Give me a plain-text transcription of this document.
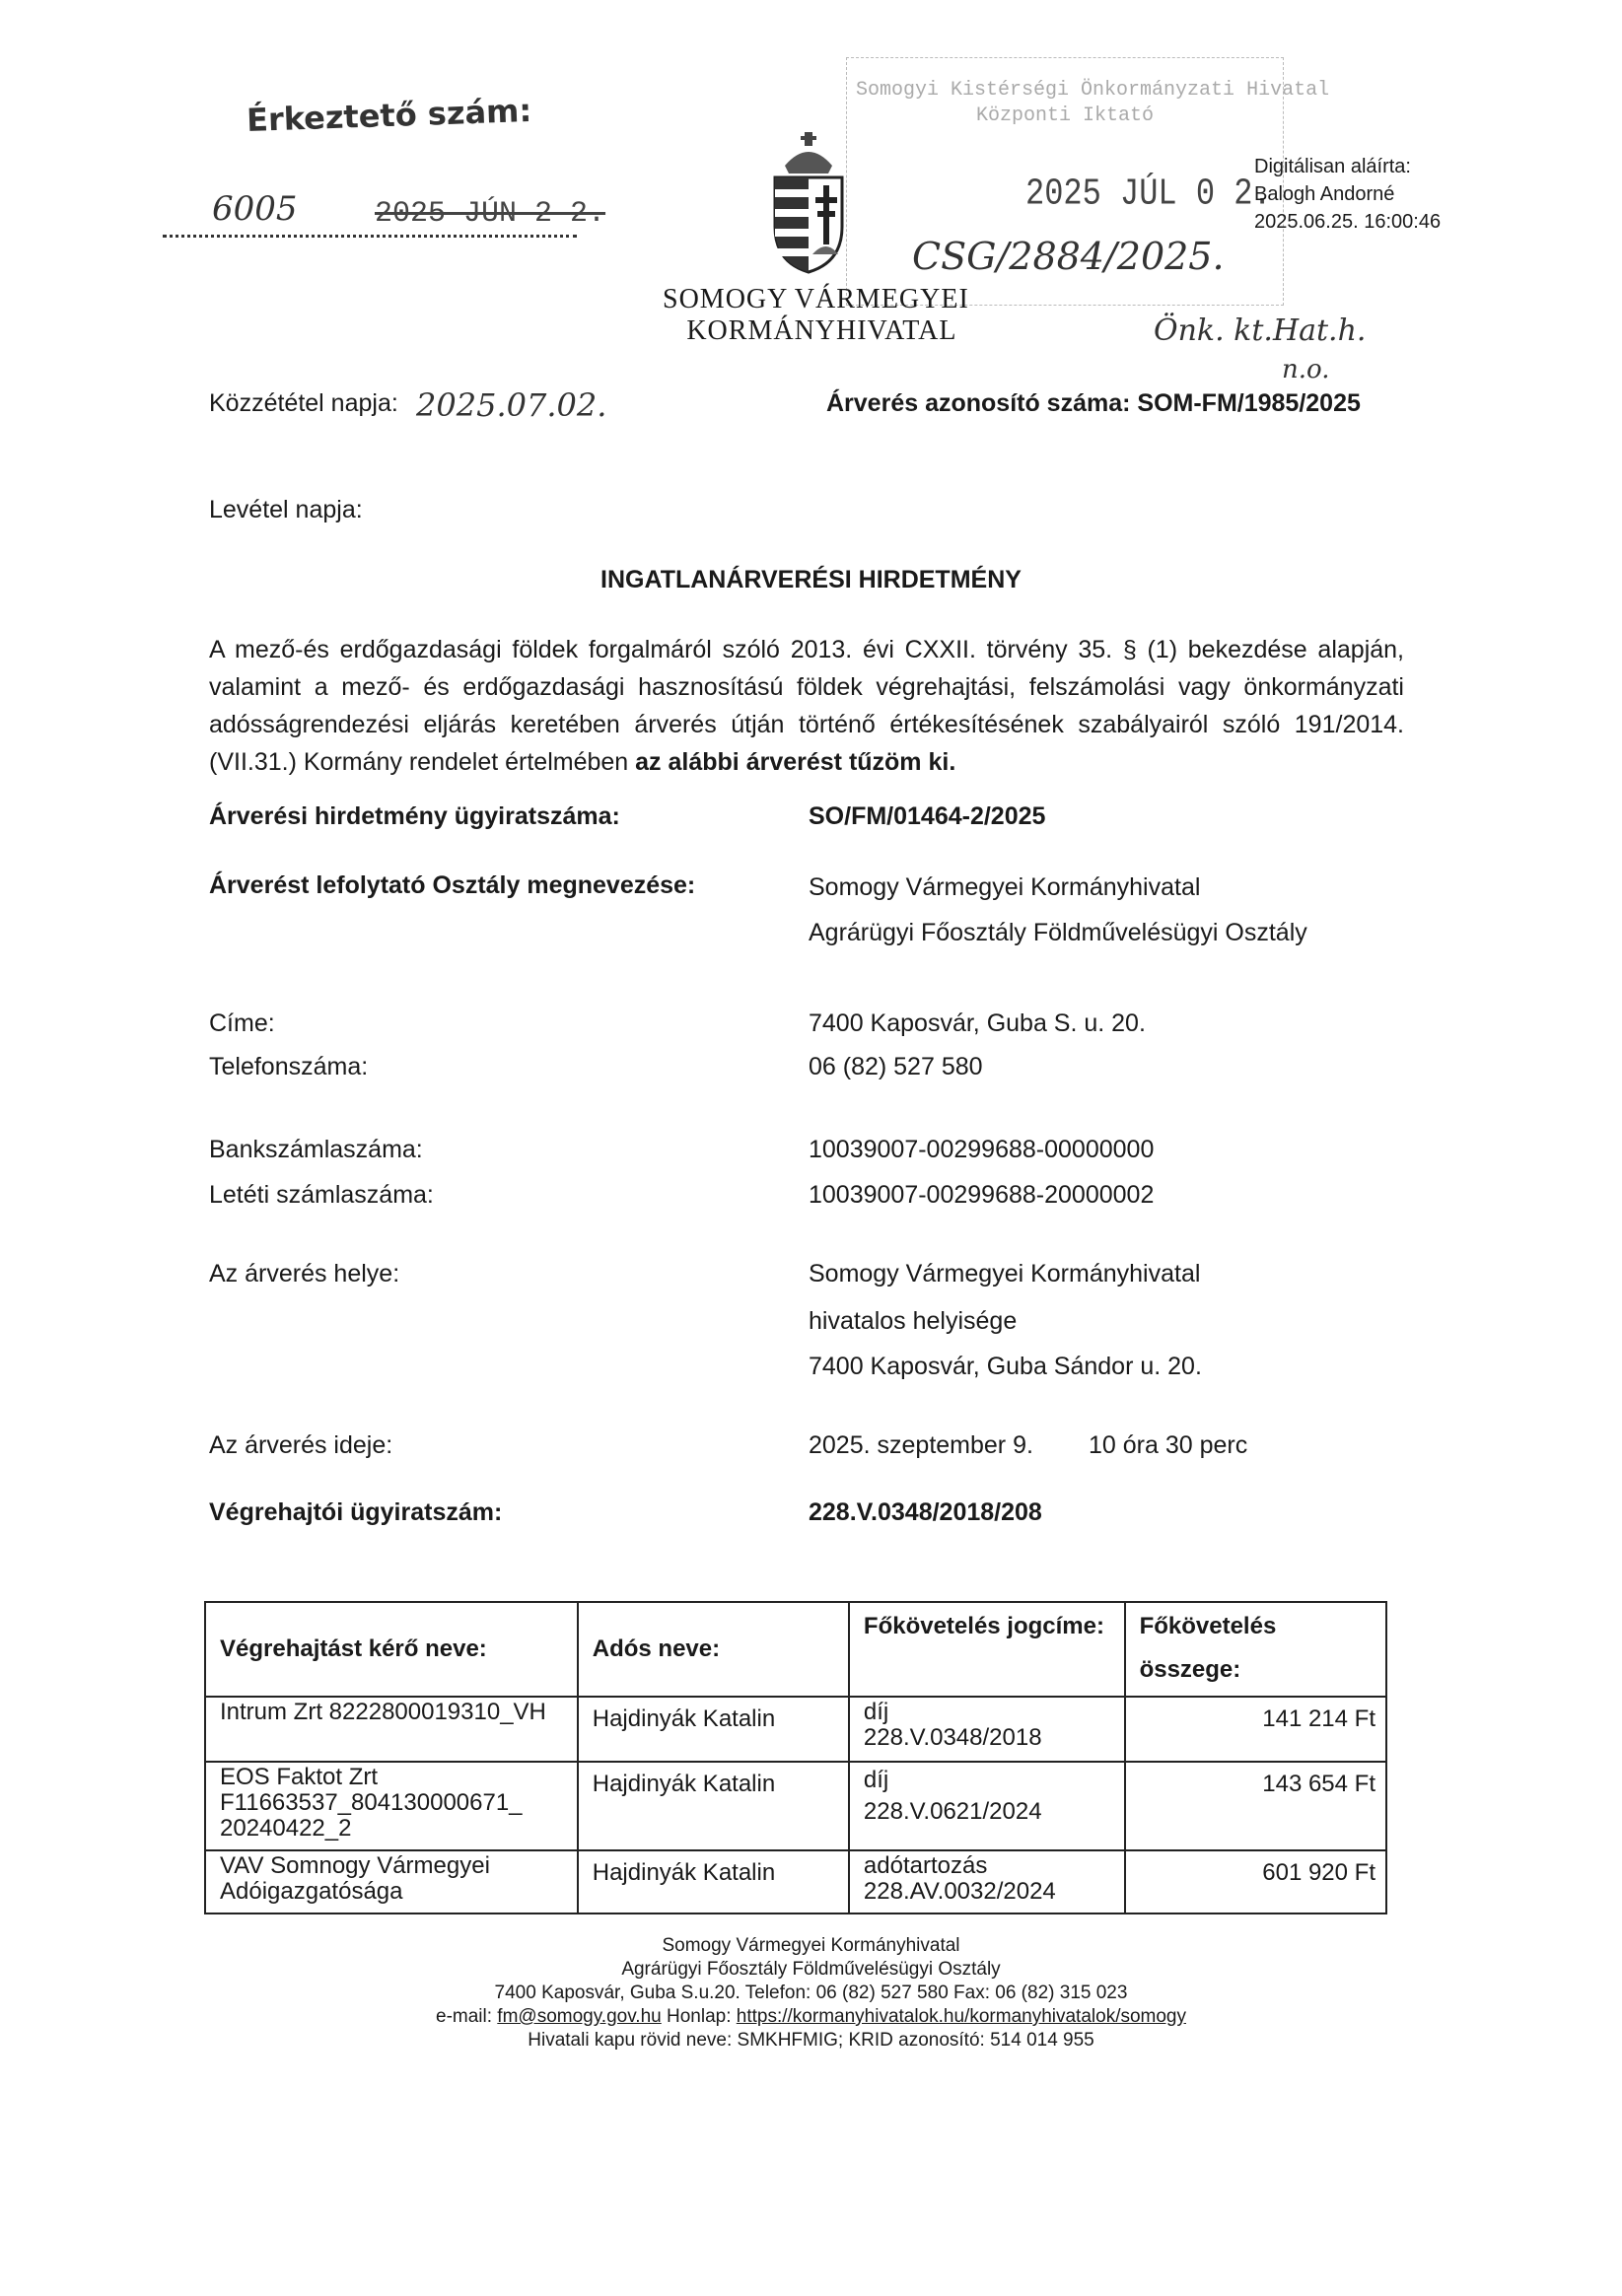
Érkeztető szám:
6005	2025 JÚN 2 2.
Somogyi Kistérségi Önkormányzati Hivatal
Központi Iktató
2025 JÚL 0 2.
CSG/2884/2025.
Önk. kt.Hat.h.
n.o.
Digitálisan aláírta:
Balogh Andorné
2025.06.25. 16:00:46
SOMOGY VÁRMEGYEI
KORMÁNYHIVATAL
Közzététel napja: 2025.07.02.	Árverés azonosító száma: SOM-FM/1985/2025
Levétel napja:
INGATLANÁRVERÉSI HIRDETMÉNY
A mező-és erdőgazdasági földek forgalmáról szóló 2013. évi CXXII. törvény 35. § (1) bekezdése alapján, valamint a mező- és erdőgazdasági hasznosítású földek végrehajtási, felszámolási vagy önkormányzati adósságrendezési eljárás keretében árverés útján történő értékesítésének szabályairól szóló 191/2014. (VII.31.) Kormány rendelet értelmében az alábbi árverést tűzöm ki.
Árverési hirdetmény ügyiratszáma:	SO/FM/01464-2/2025
Árverést lefolytató Osztály megnevezése:	Somogy Vármegyei Kormányhivatal
Agrárügyi Főosztály Földművelésügyi Osztály
Címe:	7400 Kaposvár, Guba S. u. 20.
Telefonszáma:	06 (82) 527 580
Bankszámlaszáma:	10039007-00299688-00000000
Letéti számlaszáma:	10039007-00299688-20000002
Az árverés helye:	Somogy Vármegyei Kormányhivatal
hivatalos helyisége
7400 Kaposvár, Guba Sándor u. 20.
Az árverés ideje:	2025. szeptember 9. 10 óra 30 perc
Végrehajtói ügyiratszám:	228.V.0348/2018/208
Végrehajtást kérő neve:	Adós neve:	Főkövetelés jogcíme:	Főkövetelés összege:
Intrum Zrt 8222800019310_VH	Hajdinyák Katalin	díj
228.V.0348/2018	141 214 Ft
EOS Faktot Zrt F11663537_804130000671_ 20240422_2	Hajdinyák Katalin	díj
228.V.0621/2024	143 654 Ft
VAV Somnogy Vármegyei Adóigazgatósága	Hajdinyák Katalin	adótartozás
228.AV.0032/2024	601 920 Ft
Somogy Vármegyei Kormányhivatal
Agrárügyi Főosztály Földművelésügyi Osztály
7400 Kaposvár, Guba S.u.20. Telefon: 06 (82) 527 580 Fax: 06 (82) 315 023
e-mail: fm@somogy.gov.hu Honlap: https://kormanyhivatalok.hu/kormanyhivatalok/somogy
Hivatali kapu rövid neve: SMKHFMIG; KRID azonosító: 514 014 955
